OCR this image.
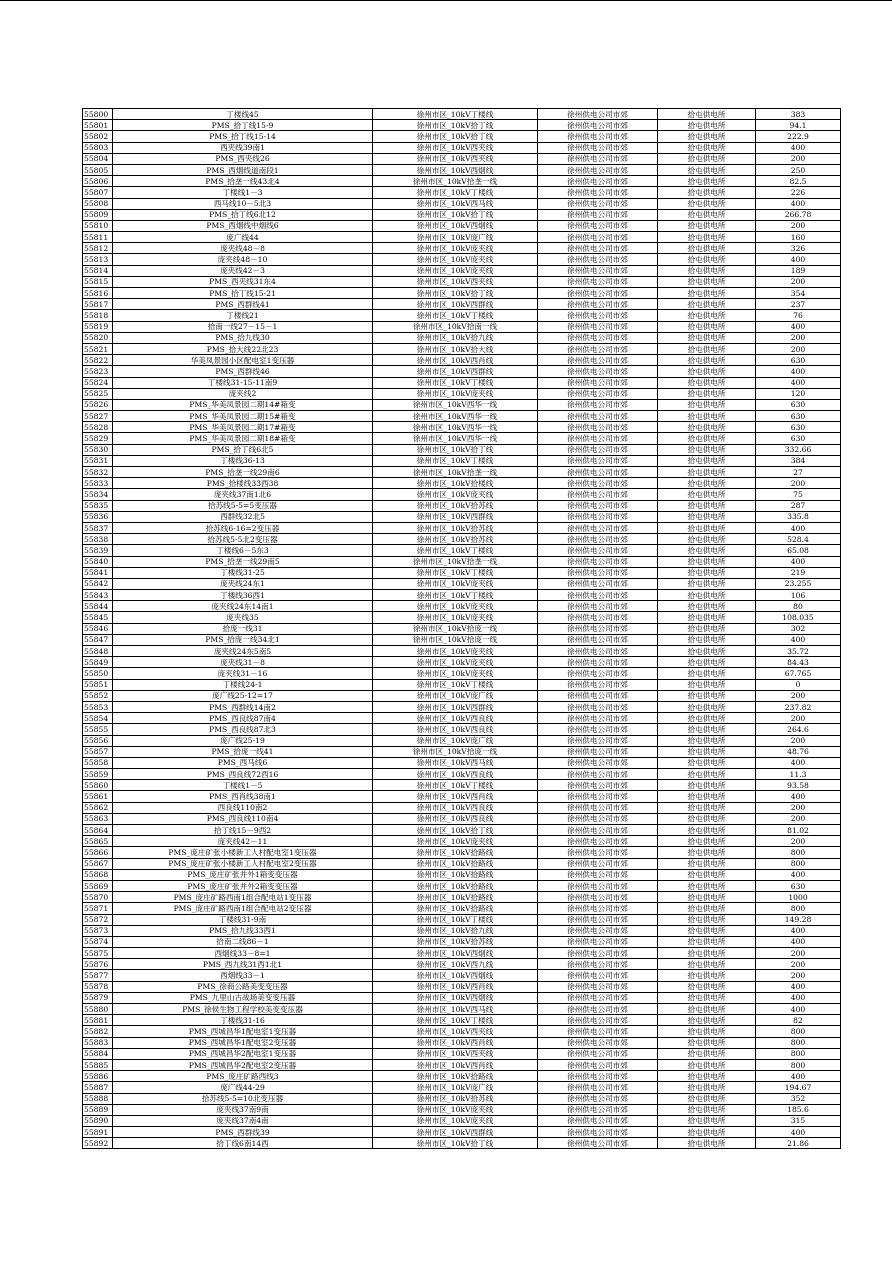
55800	丁楼线45	徐州市区_10kV丁楼线	徐州供电公司市郊	拾屯供电所	383
55801	PMS_拾丁线15-9	徐州市区_10kV拾丁线	徐州供电公司市郊	拾屯供电所	94.1
55802	PMS_拾丁线15-14	徐州市区_10kV拾丁线	徐州供电公司市郊	拾屯供电所	222.9
55803	西夹线39南1	徐州市区_10kV西夹线	徐州供电公司市郊	拾屯供电所	400
55804	PMS_西夹线26	徐州市区_10kV西夹线	徐州供电公司市郊	拾屯供电所	200
55805	PMS_西烟线道南段1	徐州市区_10kV西烟线	徐州供电公司市郊	拾屯供电所	250
55806	PMS_拾垄一线43北4	徐州市区_10kV拾垄一线	徐州供电公司市郊	拾屯供电所	82.5
55807	丁楼线1－3	徐州市区_10kV丁楼线	徐州供电公司市郊	拾屯供电所	226
55808	西马线10－5北3	徐州市区_10kV西马线	徐州供电公司市郊	拾屯供电所	400
55809	PMS_拾丁线6北12	徐州市区_10kV拾丁线	徐州供电公司市郊	拾屯供电所	266.78
55810	PMS_西烟线中烟线6	徐州市区_10kV西烟线	徐州供电公司市郊	拾屯供电所	200
55811	庞广线44	徐州市区_10kV庞广线	徐州供电公司市郊	拾屯供电所	160
55812	庞夹线48－8	徐州市区_10kV庞夹线	徐州供电公司市郊	拾屯供电所	326
55813	庞夹线48－10	徐州市区_10kV庞夹线	徐州供电公司市郊	拾屯供电所	400
55814	庞夹线42－3	徐州市区_10kV庞夹线	徐州供电公司市郊	拾屯供电所	189
55815	PMS_西夹线31东4	徐州市区_10kV西夹线	徐州供电公司市郊	拾屯供电所	200
55816	PMS_拾丁线15-21	徐州市区_10kV拾丁线	徐州供电公司市郊	拾屯供电所	354
55817	PMS_西群线41	徐州市区_10kV西群线	徐州供电公司市郊	拾屯供电所	237
55818	丁楼线21	徐州市区_10kV丁楼线	徐州供电公司市郊	拾屯供电所	76
55819	拾南一线27－15－1	徐州市区_10kV拾南一线	徐州供电公司市郊	拾屯供电所	400
55820	PMS_拾九线30	徐州市区_10kV拾九线	徐州供电公司市郊	拾屯供电所	200
55821	PMS_拾大线22北23	徐州市区_10kV拾大线	徐州供电公司市郊	拾屯供电所	200
55822	华美凤景园小区配电室1变压器	徐州市区_10kV西肖线	徐州供电公司市郊	拾屯供电所	630
55823	PMS_西群线46	徐州市区_10kV西群线	徐州供电公司市郊	拾屯供电所	400
55824	丁楼线31-15-11南9	徐州市区_10kV丁楼线	徐州供电公司市郊	拾屯供电所	400
55825	庞夹线2	徐州市区_10kV庞夹线	徐州供电公司市郊	拾屯供电所	120
55826	PMS_华美凤景园二期14#箱变	徐州市区_10kV西华一线	徐州供电公司市郊	拾屯供电所	630
55827	PMS_华美凤景园二期15#箱变	徐州市区_10kV西华一线	徐州供电公司市郊	拾屯供电所	630
55828	PMS_华美凤景园二期17#箱变	徐州市区_10kV西华一线	徐州供电公司市郊	拾屯供电所	630
55829	PMS_华美凤景园二期18#箱变	徐州市区_10kV西华一线	徐州供电公司市郊	拾屯供电所	630
55830	PMS_拾丁线6北5	徐州市区_10kV拾丁线	徐州供电公司市郊	拾屯供电所	332.66
55831	丁楼线36-13	徐州市区_10kV丁楼线	徐州供电公司市郊	拾屯供电所	384
55832	PMS_拾垄一线29南6	徐州市区_10kV拾垄一线	徐州供电公司市郊	拾屯供电所	27
55833	PMS_拾楼线33西38	徐州市区_10kV拾楼线	徐州供电公司市郊	拾屯供电所	200
55834	庞夹线37南1北6	徐州市区_10kV庞夹线	徐州供电公司市郊	拾屯供电所	75
55835	拾苏线5-5=5变压器	徐州市区_10kV拾苏线	徐州供电公司市郊	拾屯供电所	287
55836	西群线32北5	徐州市区_10kV西群线	徐州供电公司市郊	拾屯供电所	335.8
55837	拾苏线6-16=2变压器	徐州市区_10kV拾苏线	徐州供电公司市郊	拾屯供电所	400
55838	拾苏线5-5北2变压器	徐州市区_10kV拾苏线	徐州供电公司市郊	拾屯供电所	528.4
55839	丁楼线6－5东3	徐州市区_10kV丁楼线	徐州供电公司市郊	拾屯供电所	65.08
55840	PMS_拾垄一线29南5	徐州市区_10kV拾垄一线	徐州供电公司市郊	拾屯供电所	400
55841	丁楼线31-25	徐州市区_10kV丁楼线	徐州供电公司市郊	拾屯供电所	219
55842	庞夹线24东1	徐州市区_10kV庞夹线	徐州供电公司市郊	拾屯供电所	23.255
55843	丁楼线36西1	徐州市区_10kV丁楼线	徐州供电公司市郊	拾屯供电所	106
55844	庞夹线24东14南1	徐州市区_10kV庞夹线	徐州供电公司市郊	拾屯供电所	80
55845	庞夹线35	徐州市区_10kV庞夹线	徐州供电公司市郊	拾屯供电所	108.035
55846	拾庞一线31	徐州市区_10kV拾庞一线	徐州供电公司市郊	拾屯供电所	302
55847	PMS_拾庞一线34北1	徐州市区_10kV拾庞一线	徐州供电公司市郊	拾屯供电所	400
55848	庞夹线24东5南5	徐州市区_10kV庞夹线	徐州供电公司市郊	拾屯供电所	35.72
55849	庞夹线31－8	徐州市区_10kV庞夹线	徐州供电公司市郊	拾屯供电所	84.43
55850	庞夹线31－16	徐州市区_10kV庞夹线	徐州供电公司市郊	拾屯供电所	67.765
55851	丁楼线24-1	徐州市区_10kV丁楼线	徐州供电公司市郊	拾屯供电所	0
55852	庞广线25-12=17	徐州市区_10kV庞广线	徐州供电公司市郊	拾屯供电所	200
55853	PMS_西群线14南2	徐州市区_10kV西群线	徐州供电公司市郊	拾屯供电所	237.82
55854	PMS_西良线87南4	徐州市区_10kV西良线	徐州供电公司市郊	拾屯供电所	200
55855	PMS_西良线87北3	徐州市区_10kV西良线	徐州供电公司市郊	拾屯供电所	264.6
55856	庞广线25-19	徐州市区_10kV庞广线	徐州供电公司市郊	拾屯供电所	200
55857	PMS_拾庞一线41	徐州市区_10kV拾庞一线	徐州供电公司市郊	拾屯供电所	48.76
55858	PMS_西马线6	徐州市区_10kV西马线	徐州供电公司市郊	拾屯供电所	400
55859	PMS_西良线72西16	徐州市区_10kV西良线	徐州供电公司市郊	拾屯供电所	11.3
55860	丁楼线1－5	徐州市区_10kV丁楼线	徐州供电公司市郊	拾屯供电所	93.58
55861	PMS_西肖线38南1	徐州市区_10kV西肖线	徐州供电公司市郊	拾屯供电所	400
55862	西良线110南2	徐州市区_10kV西良线	徐州供电公司市郊	拾屯供电所	200
55863	PMS_西良线110南4	徐州市区_10kV西良线	徐州供电公司市郊	拾屯供电所	200
55864	拾丁线15－9西2	徐州市区_10kV拾丁线	徐州供电公司市郊	拾屯供电所	81.02
55865	庞夹线42－11	徐州市区_10kV庞夹线	徐州供电公司市郊	拾屯供电所	200
55866	PMS_庞庄矿张小楼新工人村配电室1变压器	徐州市区_10kV拾路线	徐州供电公司市郊	拾屯供电所	800
55867	PMS_庞庄矿张小楼新工人村配电室2变压器	徐州市区_10kV拾路线	徐州供电公司市郊	拾屯供电所	800
55868	PMS_庞庄矿张井外1箱变变压器	徐州市区_10kV拾路线	徐州供电公司市郊	拾屯供电所	400
55869	PMS_庞庄矿张井外2箱变变压器	徐州市区_10kV拾路线	徐州供电公司市郊	拾屯供电所	630
55870	PMS_庞庄矿路西南1组合配电站1变压器	徐州市区_10kV拾路线	徐州供电公司市郊	拾屯供电所	1000
55871	PMS_庞庄矿路西南1组合配电站2变压器	徐州市区_10kV拾路线	徐州供电公司市郊	拾屯供电所	800
55872	丁楼线31-9南	徐州市区_10kV丁楼线	徐州供电公司市郊	拾屯供电所	149.28
55873	PMS_拾九线33西1	徐州市区_10kV拾九线	徐州供电公司市郊	拾屯供电所	400
55874	拾南二线86－1	徐州市区_10kV拾苏线	徐州供电公司市郊	拾屯供电所	400
55875	西烟线33－8=1	徐州市区_10kV西烟线	徐州供电公司市郊	拾屯供电所	200
55876	PMS_西九线31西1北1	徐州市区_10kV西九线	徐州供电公司市郊	拾屯供电所	200
55877	西烟线33－1	徐州市区_10kV西烟线	徐州供电公司市郊	拾屯供电所	200
55878	PMS_徐商公路美变变压器	徐州市区_10kV西肖线	徐州供电公司市郊	拾屯供电所	400
55879	PMS_九里山古战场美变变压器	徐州市区_10kV西烟线	徐州供电公司市郊	拾屯供电所	400
55880	PMS_徐侯生物工程学校美变变压器	徐州市区_10kV西马线	徐州供电公司市郊	拾屯供电所	400
55881	丁楼线31-16	徐州市区_10kV丁楼线	徐州供电公司市郊	拾屯供电所	82
55882	PMS_西城昌华1配电室1变压器	徐州市区_10kV西夹线	徐州供电公司市郊	拾屯供电所	800
55883	PMS_西城昌华1配电室2变压器	徐州市区_10kV西肖线	徐州供电公司市郊	拾屯供电所	800
55884	PMS_西城昌华2配电室1变压器	徐州市区_10kV西夹线	徐州供电公司市郊	拾屯供电所	800
55885	PMS_西城昌华2配电室2变压器	徐州市区_10kV西肖线	徐州供电公司市郊	拾屯供电所	800
55886	PMS_庞庄矿路西线3	徐州市区_10kV拾路线	徐州供电公司市郊	拾屯供电所	400
55887	庞广线44-29	徐州市区_10kV庞广线	徐州供电公司市郊	拾屯供电所	194.67
55888	拾苏线5-5=10北变压器	徐州市区_10kV拾苏线	徐州供电公司市郊	拾屯供电所	352
55889	庞夹线37南9南	徐州市区_10kV庞夹线	徐州供电公司市郊	拾屯供电所	185.6
55890	庞夹线37南4南	徐州市区_10kV庞夹线	徐州供电公司市郊	拾屯供电所	315
55891	PMS_西群线39	徐州市区_10kV西群线	徐州供电公司市郊	拾屯供电所	400
55892	拾丁线6南14西	徐州市区_10kV拾丁线	徐州供电公司市郊	拾屯供电所	21.86
